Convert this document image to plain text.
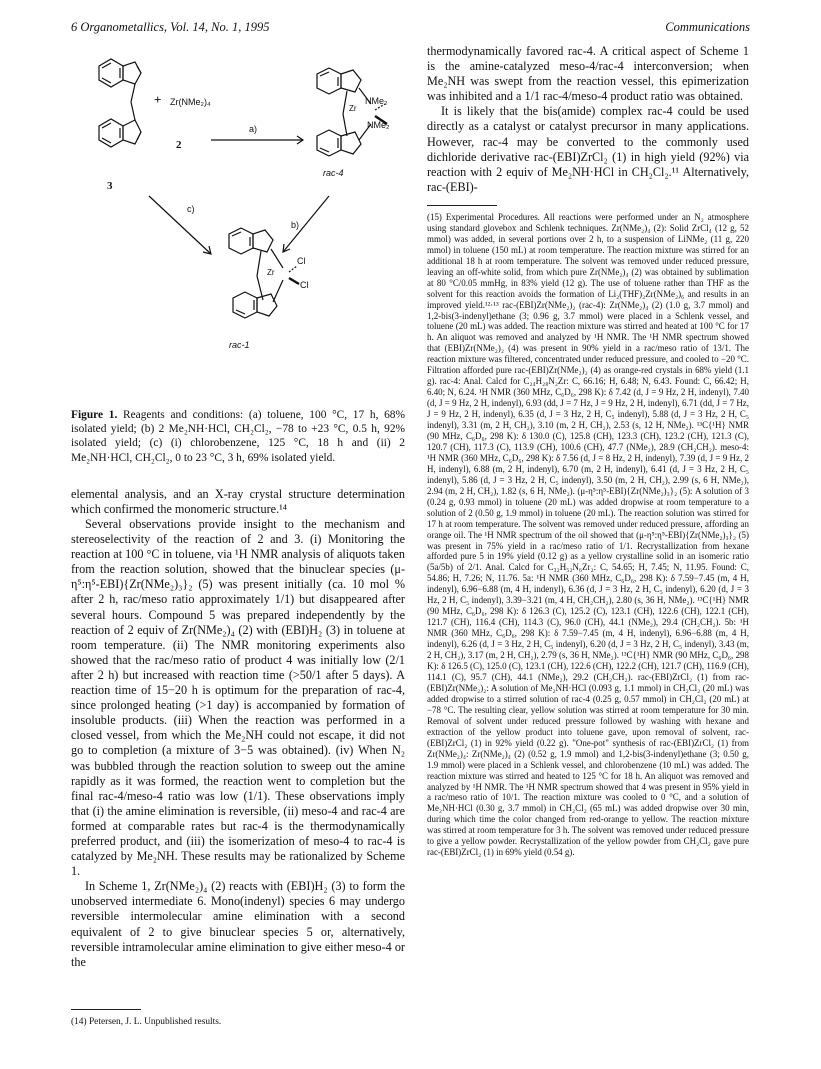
6 Organometallics, Vol. 14, No. 1, 1995	Communications
+ Zr(NMe₂)₄
2
3
a)
b)
c)
Zr
NMe₂
NMe₂
rac-4
Zr
Cl
Cl
rac-1
Figure 1. Reagents and conditions: (a) toluene, 100 °C, 17 h, 68% isolated yield; (b) 2 Me₂NH·HCl, CH₂Cl₂, −78 to +23 °C, 0.5 h, 92% isolated yield; (c) (i) chlorobenzene, 125 °C, 18 h and (ii) 2 Me₂NH·HCl, CH₂Cl₂, 0 to 23 °C, 3 h, 69% isolated yield.

elemental analysis, and an X-ray crystal structure determination which confirmed the monomeric structure.¹⁴

Several observations provide insight to the mechanism and stereoselectivity of the reaction of 2 and 3. (i) Monitoring the reaction at 100 °C in toluene, via ¹H NMR analysis of aliquots taken from the reaction solution, showed that the binuclear species (μ-η⁵:η⁵-EBI){Zr(NMe₂)₃}₂ (5) was present initially (ca. 10 mol % after 2 h, rac/meso ratio approximately 1/1) but disappeared after several hours. Compound 5 was prepared independently by the reaction of 2 equiv of Zr(NMe₂)₄ (2) with (EBI)H₂ (3) in toluene at room temperature. (ii) The NMR monitoring experiments also showed that the rac/meso ratio of product 4 was initially low (2/1 after 2 h) but increased with reaction time (>50/1 after 5 days). A reaction time of 15−20 h is optimum for the preparation of rac-4, since prolonged heating (>1 day) is accompanied by formation of insoluble products. (iii) When the reaction was performed in a closed vessel, from which the Me₂NH could not escape, it did not go to completion (a mixture of 3−5 was obtained). (iv) When N₂ was bubbled through the reaction solution to sweep out the amine rapidly as it was formed, the reaction went to completion but the final rac-4/meso-4 ratio was low (1/1). These observations imply that (i) the amine elimination is reversible, (ii) meso-4 and rac-4 are formed at comparable rates but rac-4 is the thermodynamically preferred product, and (iii) the isomerization of meso-4 to rac-4 is catalyzed by Me₂NH. These results may be rationalized by Scheme 1.

In Scheme 1, Zr(NMe₂)₄ (2) reacts with (EBI)H₂ (3) to form the unobserved intermediate 6. Mono(indenyl) species 6 may undergo reversible intermolecular amine elimination with a second equivalent of 2 to give binuclear species 5 or, alternatively, reversible intramolecular amine elimination to give either meso-4 or the

(14) Petersen, J. L. Unpublished results.

thermodynamically favored rac-4. A critical aspect of Scheme 1 is the amine-catalyzed meso-4/rac-4 interconversion; when Me₂NH was swept from the reaction vessel, this epimerization was inhibited and a 1/1 rac-4/meso-4 product ratio was obtained.

It is likely that the bis(amide) complex rac-4 could be used directly as a catalyst or catalyst precursor in many applications. However, rac-4 may be converted to the commonly used dichloride derivative rac-(EBI)ZrCl₂ (1) in high yield (92%) via reaction with 2 equiv of Me₂NH·HCl in CH₂Cl₂.¹¹ Alternatively, rac-(EBI)-

(15) Experimental Procedures. All reactions were performed under an N₂ atmosphere using standard glovebox and Schlenk techniques. Zr(NMe₂)₄ (2): Solid ZrCl₄ (12 g, 52 mmol) was added, in several portions over 2 h, to a suspension of LiNMe₂ (11 g, 220 mmol) in toluene (150 mL) at room temperature. The reaction mixture was stirred for an additional 18 h at room temperature. The solvent was removed under reduced pressure, leaving an off-white solid, from which pure Zr(NMe₂)₄ (2) was obtained by sublimation at 80 °C/0.05 mmHg, in 83% yield (12 g). The use of toluene rather than THF as the solvent for this reaction avoids the formation of Li₂(THF)₂Zr(NMe₂)₆ and results in an improved yield.¹²·¹³ rac-(EBI)Zr(NMe₂)₂ (rac-4): Zr(NMe₂)₄ (2) (1.0 g, 3.7 mmol) and 1,2-bis(3-indenyl)ethane (3; 0.96 g, 3.7 mmol) were placed in a Schlenk vessel, and toluene (20 mL) was added. The reaction mixture was stirred and heated at 100 °C for 17 h. An aliquot was removed and analyzed by ¹H NMR. The ¹H NMR spectrum showed that (EBI)Zr(NMe₂)₂ (4) was present in 90% yield in a rac/meso ratio of 13/1. The reaction mixture was filtered, concentrated under reduced pressure, and cooled to −20 °C. Filtration afforded pure rac-(EBI)Zr(NMe₂)₂ (4) as orange-red crystals in 68% yield (1.1 g). rac-4: Anal. Calcd for C₂₄H₂₈N₂Zr: C, 66.16; H, 6.48; N, 6.43. Found: C, 66.42; H, 6.40; N, 6.24. ¹H NMR (360 MHz, C₆D₆, 298 K): δ 7.42 (d, J = 9 Hz, 2 H, indenyl), 7.40 (d, J = 9 Hz, 2 H, indenyl), 6.93 (dd, J = 7 Hz, J = 9 Hz, 2 H, indenyl), 6.71 (dd, J = 7 Hz, J = 9 Hz, 2 H, indenyl), 6.35 (d, J = 3 Hz, 2 H, C₅ indenyl), 5.88 (d, J = 3 Hz, 2 H, C₅ indenyl), 3.31 (m, 2 H, CH₂), 3.10 (m, 2 H, CH₂), 2.53 (s, 12 H, NMe₂). ¹³C{¹H} NMR (90 MHz, C₆D₆, 298 K): δ 130.0 (C), 125.8 (CH), 123.3 (CH), 123.2 (CH), 121.3 (C), 120.7 (CH), 117.3 (C), 113.9 (CH), 100.6 (CH), 47.7 (NMe₂), 28.9 (CH₂CH₂). meso-4: ¹H NMR (360 MHz, C₆D₆, 298 K): δ 7.56 (d, J = 8 Hz, 2 H, indenyl), 7.39 (d, J = 9 Hz, 2 H, indenyl), 6.88 (m, 2 H, indenyl), 6.70 (m, 2 H, indenyl), 6.41 (d, J = 3 Hz, 2 H, C₅ indenyl), 5.86 (d, J = 3 Hz, 2 H, C₅ indenyl), 3.50 (m, 2 H, CH₂), 2.99 (s, 6 H, NMe₂), 2.94 (m, 2 H, CH₂), 1.82 (s, 6 H, NMe₂). (μ-η⁵:η⁵-EBI){Zr(NMe₂)₃}₂ (5): A solution of 3 (0.24 g, 0.93 mmol) in toluene (20 mL) was added dropwise at room temperature to a solution of 2 (0.50 g, 1.9 mmol) in toluene (20 mL). The reaction solution was stirred for 17 h at room temperature. The solvent was removed under reduced pressure, affording an orange oil. The ¹H NMR spectrum of the oil showed that (μ-η⁵:η⁵-EBI){Zr(NMe₂)₃}₂ (5) was present in 75% yield in a rac/meso ratio of 1/1. Recrystallization from hexane afforded pure 5 in 19% yield (0.12 g) as a yellow crystalline solid in an isomeric ratio (5a/5b) of 2/1. Anal. Calcd for C₃₂H₅₂N₆Zr₂: C, 54.65; H, 7.45; N, 11.95. Found: C, 54.86; H, 7.26; N, 11.76. 5a: ¹H NMR (360 MHz, C₆D₆, 298 K): δ 7.59−7.45 (m, 4 H, indenyl), 6.96−6.88 (m, 4 H, indenyl), 6.36 (d, J = 3 Hz, 2 H, C₅ indenyl), 6.20 (d, J = 3 Hz, 2 H, C₅ indenyl), 3.39−3.21 (m, 4 H, CH₂CH₂), 2.80 (s, 36 H, NMe₂). ¹³C{¹H} NMR (90 MHz, C₆D₆, 298 K): δ 126.3 (C), 125.2 (C), 123.1 (CH), 122.6 (CH), 122.1 (CH), 121.7 (CH), 116.4 (CH), 114.3 (C), 96.0 (CH), 44.1 (NMe₂), 29.4 (CH₂CH₂). 5b: ¹H NMR (360 MHz, C₆D₆, 298 K): δ 7.59−7.45 (m, 4 H, indenyl), 6.96−6.88 (m, 4 H, indenyl), 6.26 (d, J = 3 Hz, 2 H, C₅ indenyl), 6.20 (d, J = 3 Hz, 2 H, C₅ indenyl), 3.43 (m, 2 H, CH₂), 3.17 (m, 2 H, CH₂), 2.79 (s, 36 H, NMe₂). ¹³C{¹H} NMR (90 MHz, C₆D₆, 298 K): δ 126.5 (C), 125.0 (C), 123.1 (CH), 122.6 (CH), 122.2 (CH), 121.7 (CH), 116.9 (CH), 114.1 (C), 95.7 (CH), 44.1 (NMe₂), 29.2 (CH₂CH₂). rac-(EBI)ZrCl₂ (1) from rac-(EBI)Zr(NMe₂)₂: A solution of Me₂NH·HCl (0.093 g, 1.1 mmol) in CH₂Cl₂ (20 mL) was added dropwise to a stirred solution of rac-4 (0.25 g, 0.57 mmol) in CH₂Cl₂ (20 mL) at −78 °C. The resulting clear, yellow solution was stirred at room temperature for 30 min. Removal of solvent under reduced pressure followed by washing with hexane and extraction of the yellow product into toluene gave, upon removal of solvent, rac-(EBI)ZrCl₂ (1) in 92% yield (0.22 g). "One-pot" synthesis of rac-(EBI)ZrCl₂ (1) from Zr(NMe₂)₄: Zr(NMe₂)₄ (2) (0.52 g, 1.9 mmol) and 1,2-bis(3-indenyl)ethane (3; 0.50 g, 1.9 mmol) were placed in a Schlenk vessel, and chlorobenzene (10 mL) was added. The reaction mixture was stirred and heated to 125 °C for 18 h. An aliquot was removed and analyzed by ¹H NMR. The ¹H NMR spectrum showed that 4 was present in 95% yield in a rac/meso ratio of 10/1. The reaction mixture was cooled to 0 °C, and a solution of Me₂NH·HCl (0.30 g, 3.7 mmol) in CH₂Cl₂ (65 mL) was added dropwise over 30 min, during which time the color changed from red-orange to yellow. The reaction mixture was stirred at room temperature for 3 h. The solvent was removed under reduced pressure to give a yellow powder. Recrystallization of the yellow powder from CH₂Cl₂ gave pure rac-(EBI)ZrCl₂ (1) in 69% yield (0.54 g).
